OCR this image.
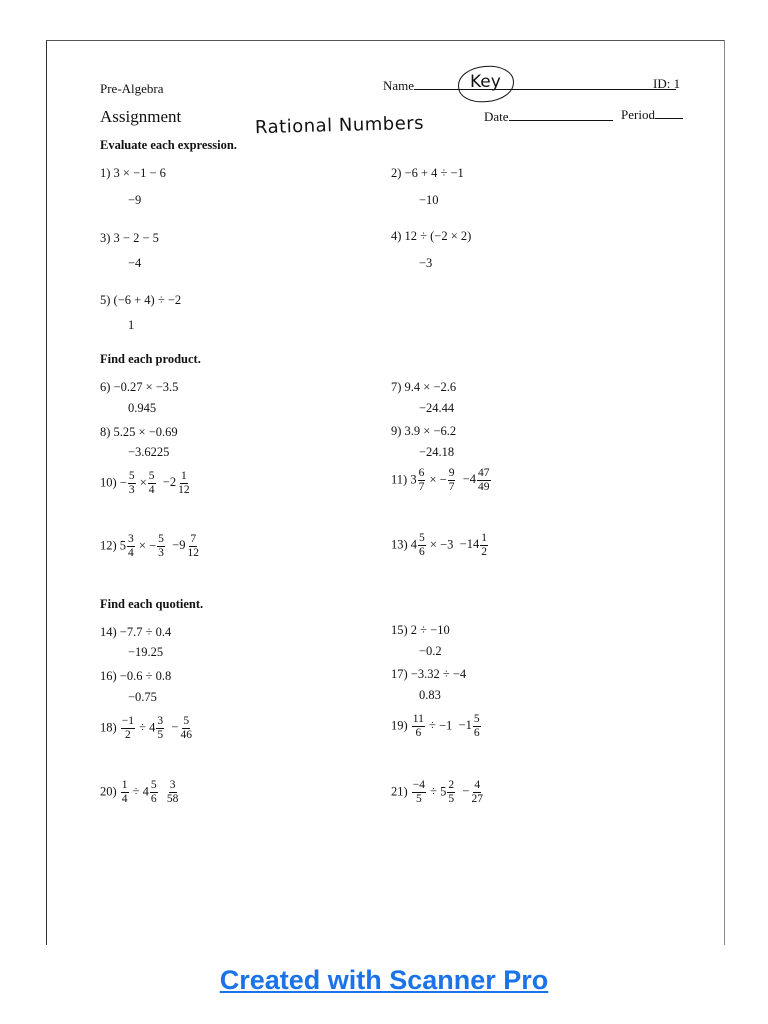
Pre-Algebra
Assignment
Name	Key	ID: 1
Rational Numbers	Date	Period
Evaluate each expression.
1) 3 × −1 − 6
−9
2) −6 + 4 ÷ −1
−10
3) 3 − 2 − 5
−4
4) 12 ÷ (−2 × 2)
−3
5) (−6 + 4) ÷ −2
1
Find each product.
6) −0.27 × −3.5
0.945
7) 9.4 × −2.6
−24.44
8) 5.25 × −0.69
−3.6225
9) 3.9 × −6.2
−24.18
$10) - \frac{5}{3} \times \frac{5}{4} -2 \frac{1}{12}$	11) $3 \frac{6}{7}$ × − $\frac{9}{7} -4 \frac{47}{49}$
12) $5 \frac{3}{4}$ × − $\frac{5}{3} -9 \frac{7}{12}$	13) $4 \frac{5}{6} \times -3 -14 \frac{1}{2}$
Find each quotient.
14) −7.7 ÷ 0.4
−19.25
15) 2 ÷ −10
−0.2
16) −0.6 ÷ 0.8
−0.75
17) −3.32 ÷ −4
0.83
$18) \frac{-1}{2} \div 4 \frac{3}{5} - \frac{5}{46}$	$19) \frac{11}{6} \div -1 -1 \frac{5}{6}$
$20) \frac{1}{4} \div 4 \frac{5}{6}$
$\frac{3}{58}$	$21) \frac{-4}{5} \div 5 \frac{2}{5} - \frac{4}{27}$
Created with Scanner Pro
